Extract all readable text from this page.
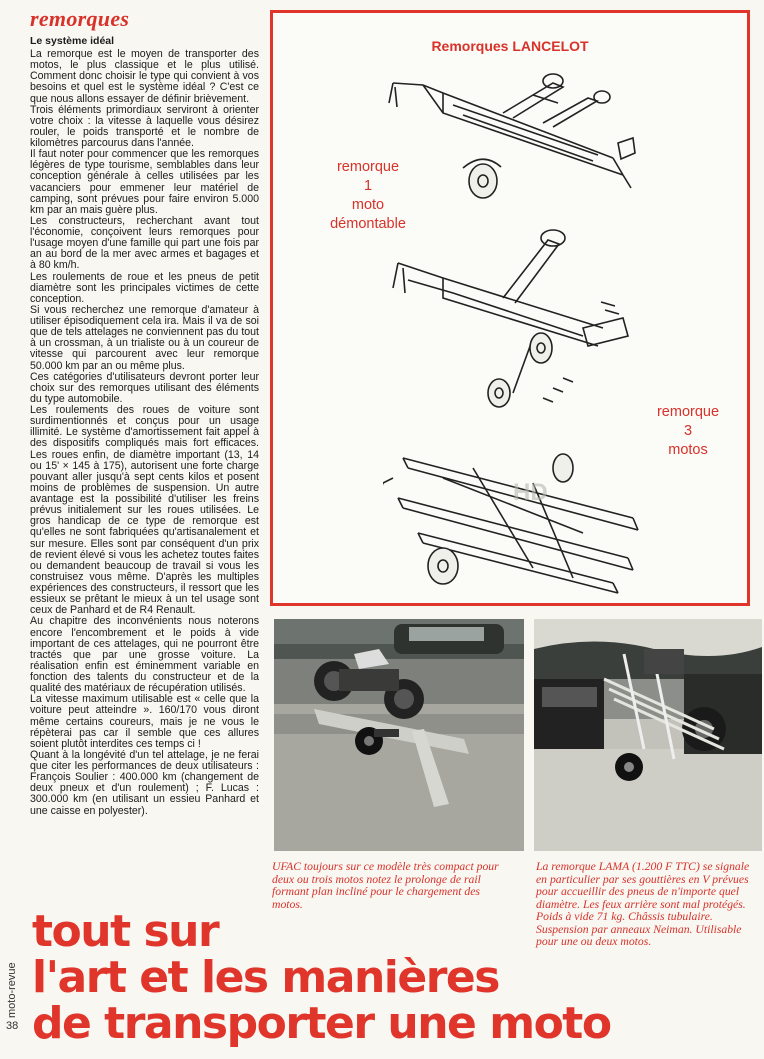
remorques
Le système idéal

La remorque est le moyen de transporter des motos, le plus classique et le plus utilisé. Comment donc choisir le type qui convient à vos besoins et quel est le système idéal ? C'est ce que nous allons essayer de définir brièvement.

Trois éléments primordiaux serviront à orienter votre choix : la vitesse à laquelle vous désirez rouler, le poids transporté et le nombre de kilomètres parcourus dans l'année.

Il faut noter pour commencer que les remorques légères de type tourisme, semblables dans leur conception générale à celles utilisées par les vacanciers pour emmener leur matériel de camping, sont prévues pour faire environ 5.000 km par an mais guère plus.

Les constructeurs, recherchant avant tout l'économie, conçoivent leurs remorques pour l'usage moyen d'une famille qui part une fois par an au bord de la mer avec armes et bagages et à 80 km/h.

Les roulements de roue et les pneus de petit diamètre sont les principales victimes de cette conception.

Si vous recherchez une remorque d'amateur à utiliser épisodiquement cela ira. Mais il va de soi que de tels attelages ne conviennent pas du tout à un crossman, à un trialiste ou à un coureur de vitesse qui parcourent avec leur remorque 50.000 km par an ou même plus.

Ces catégories d'utilisateurs devront porter leur choix sur des remorques utilisant des éléments du type automobile.

Les roulements des roues de voiture sont surdimentionnés et conçus pour un usage illimité. Le système d'amortissement fait appel à des dispositifs compliqués mais fort efficaces. Les roues enfin, de diamètre important (13, 14 ou 15' × 145 à 175), autorisent une forte charge pouvant aller jusqu'à sept cents kilos et posent moins de problèmes de suspension. Un autre avantage est la possibilité d'utiliser les freins prévus initialement sur les roues utilisées. Le gros handicap de ce type de remorque est qu'elles ne sont fabriquées qu'artisanalement et sur mesure. Elles sont par conséquent d'un prix de revient élevé si vous les achetez toutes faites ou demandent beaucoup de travail si vous les construisez vous même. D'après les multiples expériences des constructeurs, il ressort que les essieux se prêtant le mieux à un tel usage sont ceux de Panhard et de R4 Renault.

Au chapitre des inconvénients nous noterons encore l'encombrement et le poids à vide important de ces attelages, qui ne pourront être tractés que par une grosse voiture. La réalisation enfin est éminemment variable en fonction des talents du constructeur et de la qualité des matériaux de récupération utilisés.

La vitesse maximum utilisable est « celle que la voiture peut atteindre ». 160/170 vous diront même certains coureurs, mais je ne vous le répèterai pas car il semble que ces allures soient plutôt interdites ces temps ci !

Quant à la longévité d'un tel attelage, je ne ferai que citer les performances de deux utilisateurs : François Soulier : 400.000 km (changement de deux pneux et d'un roulement) ; F. Lucas : 300.000 km (en utilisant un essieu Panhard et une caisse en polyester).

Remorques LANCELOT
remorque
1
moto
démontable
remorque
3
motos
HD
UFAC toujours sur ce modèle très compact pour deux ou trois motos notez le prolonge de rail formant plan incliné pour le chargement des motos.
La remorque LAMA (1.200 F TTC) se signale en particulier par ses gouttières en V prévues pour accueillir des pneus de n'importe quel diamètre. Les feux arrière sont mal protégés. Poids à vide 71 kg. Châssis tubulaire. Suspension par anneaux Neiman. Utilisable pour une ou deux motos.
tout sur
l'art et les manières
de transporter une moto
moto-revue
38
